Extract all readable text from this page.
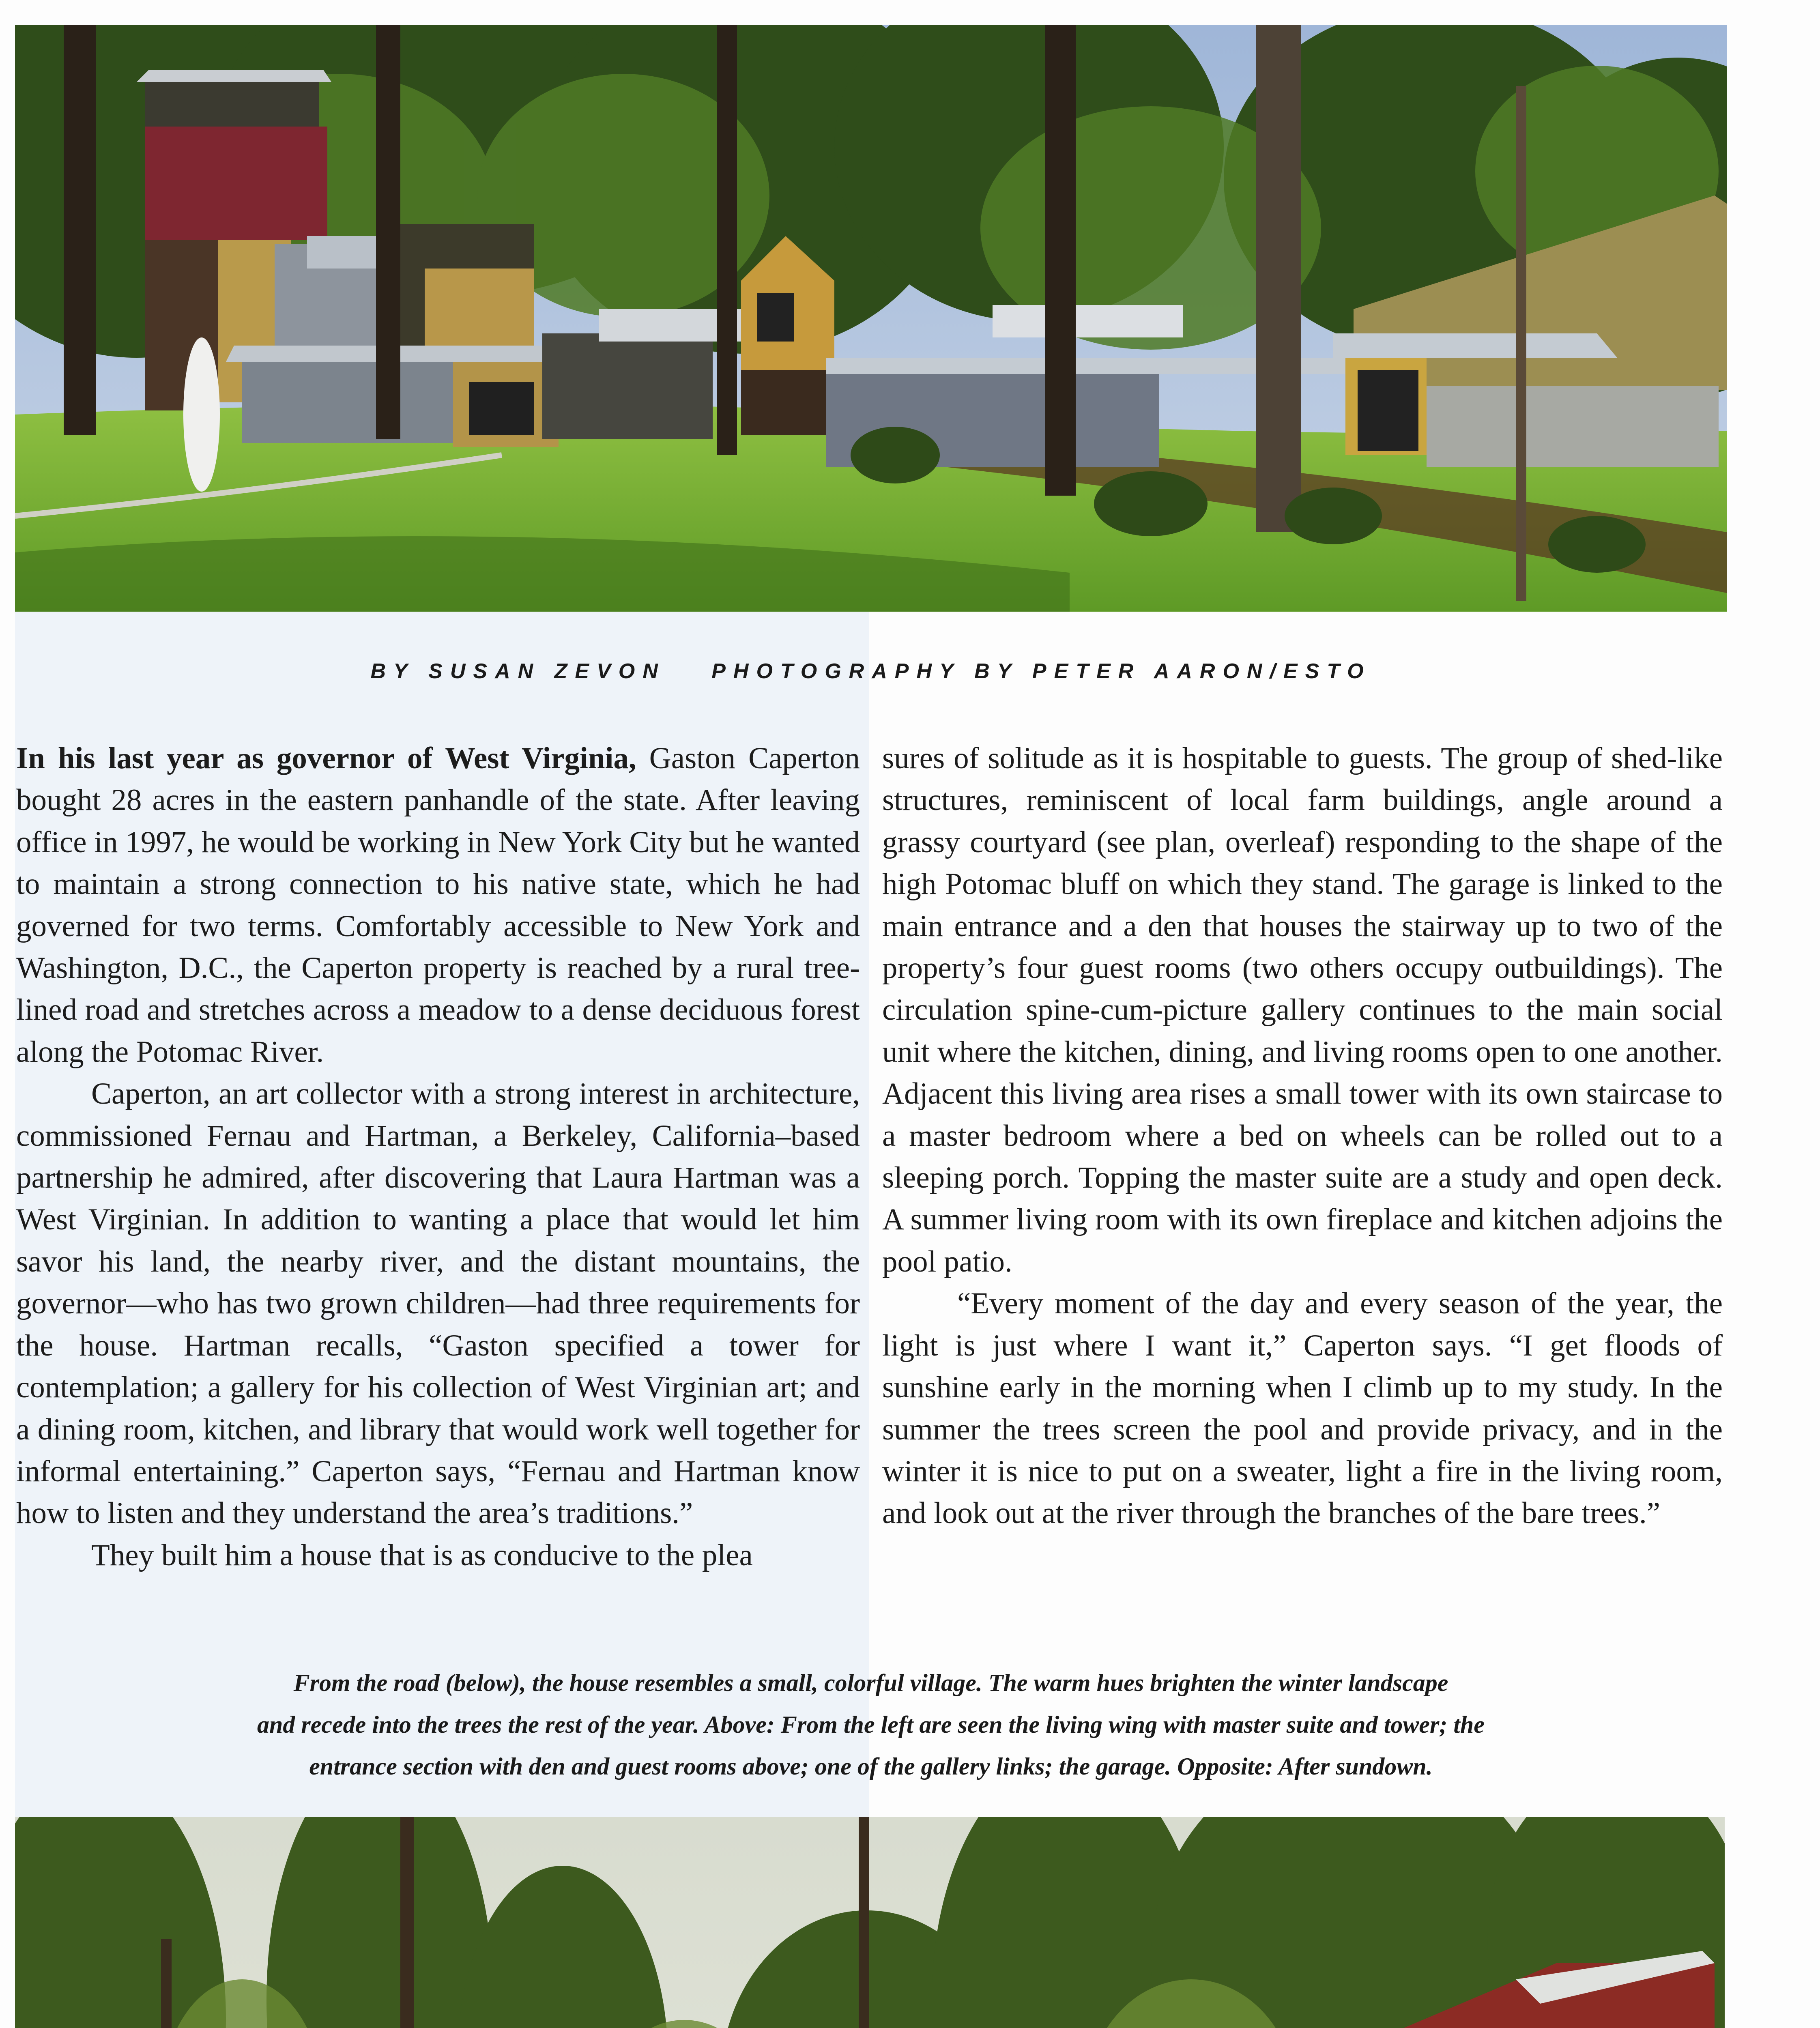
BY SUSAN ZEVON PHOTOGRAPHY BY PETER AARON/ESTO

In his last year as governor of West Virginia, Gaston Caperton bought 28 acres in the eastern panhandle of the state. After leaving office in 1997, he would be working in New York City but he wanted to maintain a strong connection to his native state, which he had governed for two terms. Comfortably accessible to New York and Washington, D.C., the Caperton property is reached by a rural tree-lined road and stretches across a meadow to a dense deciduous forest along the Potomac River.

Caperton, an art collector with a strong interest in architecture, commissioned Fernau and Hartman, a Berkeley, California–based partnership he admired, after discovering that Laura Hartman was a West Virginian. In addition to wanting a place that would let him savor his land, the nearby river, and the distant mountains, the governor—who has two grown children—had three requirements for the house. Hartman recalls, “Gaston specified a tower for contemplation; a gallery for his collection of West Virginian art; and a dining room, kitchen, and library that would work well together for informal entertaining.” Caperton says, “Fernau and Hartman know how to listen and they understand the area’s traditions.”

They built him a house that is as conducive to the plea

sures of solitude as it is hospitable to guests. The group of shed-like structures, reminiscent of local farm buildings, angle around a grassy courtyard (see plan, overleaf) responding to the shape of the high Potomac bluff on which they stand. The garage is linked to the main entrance and a den that houses the stairway up to two of the property’s four guest rooms (two others occupy outbuildings). The circulation spine-cum-picture gallery continues to the main social unit where the kitchen, dining, and living rooms open to one another. Adjacent this living area rises a small tower with its own staircase to a master bedroom where a bed on wheels can be rolled out to a sleeping porch. Topping the master suite are a study and open deck. A summer living room with its own fireplace and kitchen adjoins the pool patio.

“Every moment of the day and every season of the year, the light is just where I want it,” Caperton says. “I get floods of sunshine early in the morning when I climb up to my study. In the summer the trees screen the pool and provide privacy, and in the winter it is nice to put on a sweater, light a fire in the living room, and look out at the river through the branches of the bare trees.”

From the road (below), the house resembles a small, colorful village. The warm hues brighten the winter landscape
and recede into the trees the rest of the year. Above: From the left are seen the living wing with master suite and tower; the
entrance section with den and guest rooms above; one of the gallery links; the garage. Opposite: After sundown.
